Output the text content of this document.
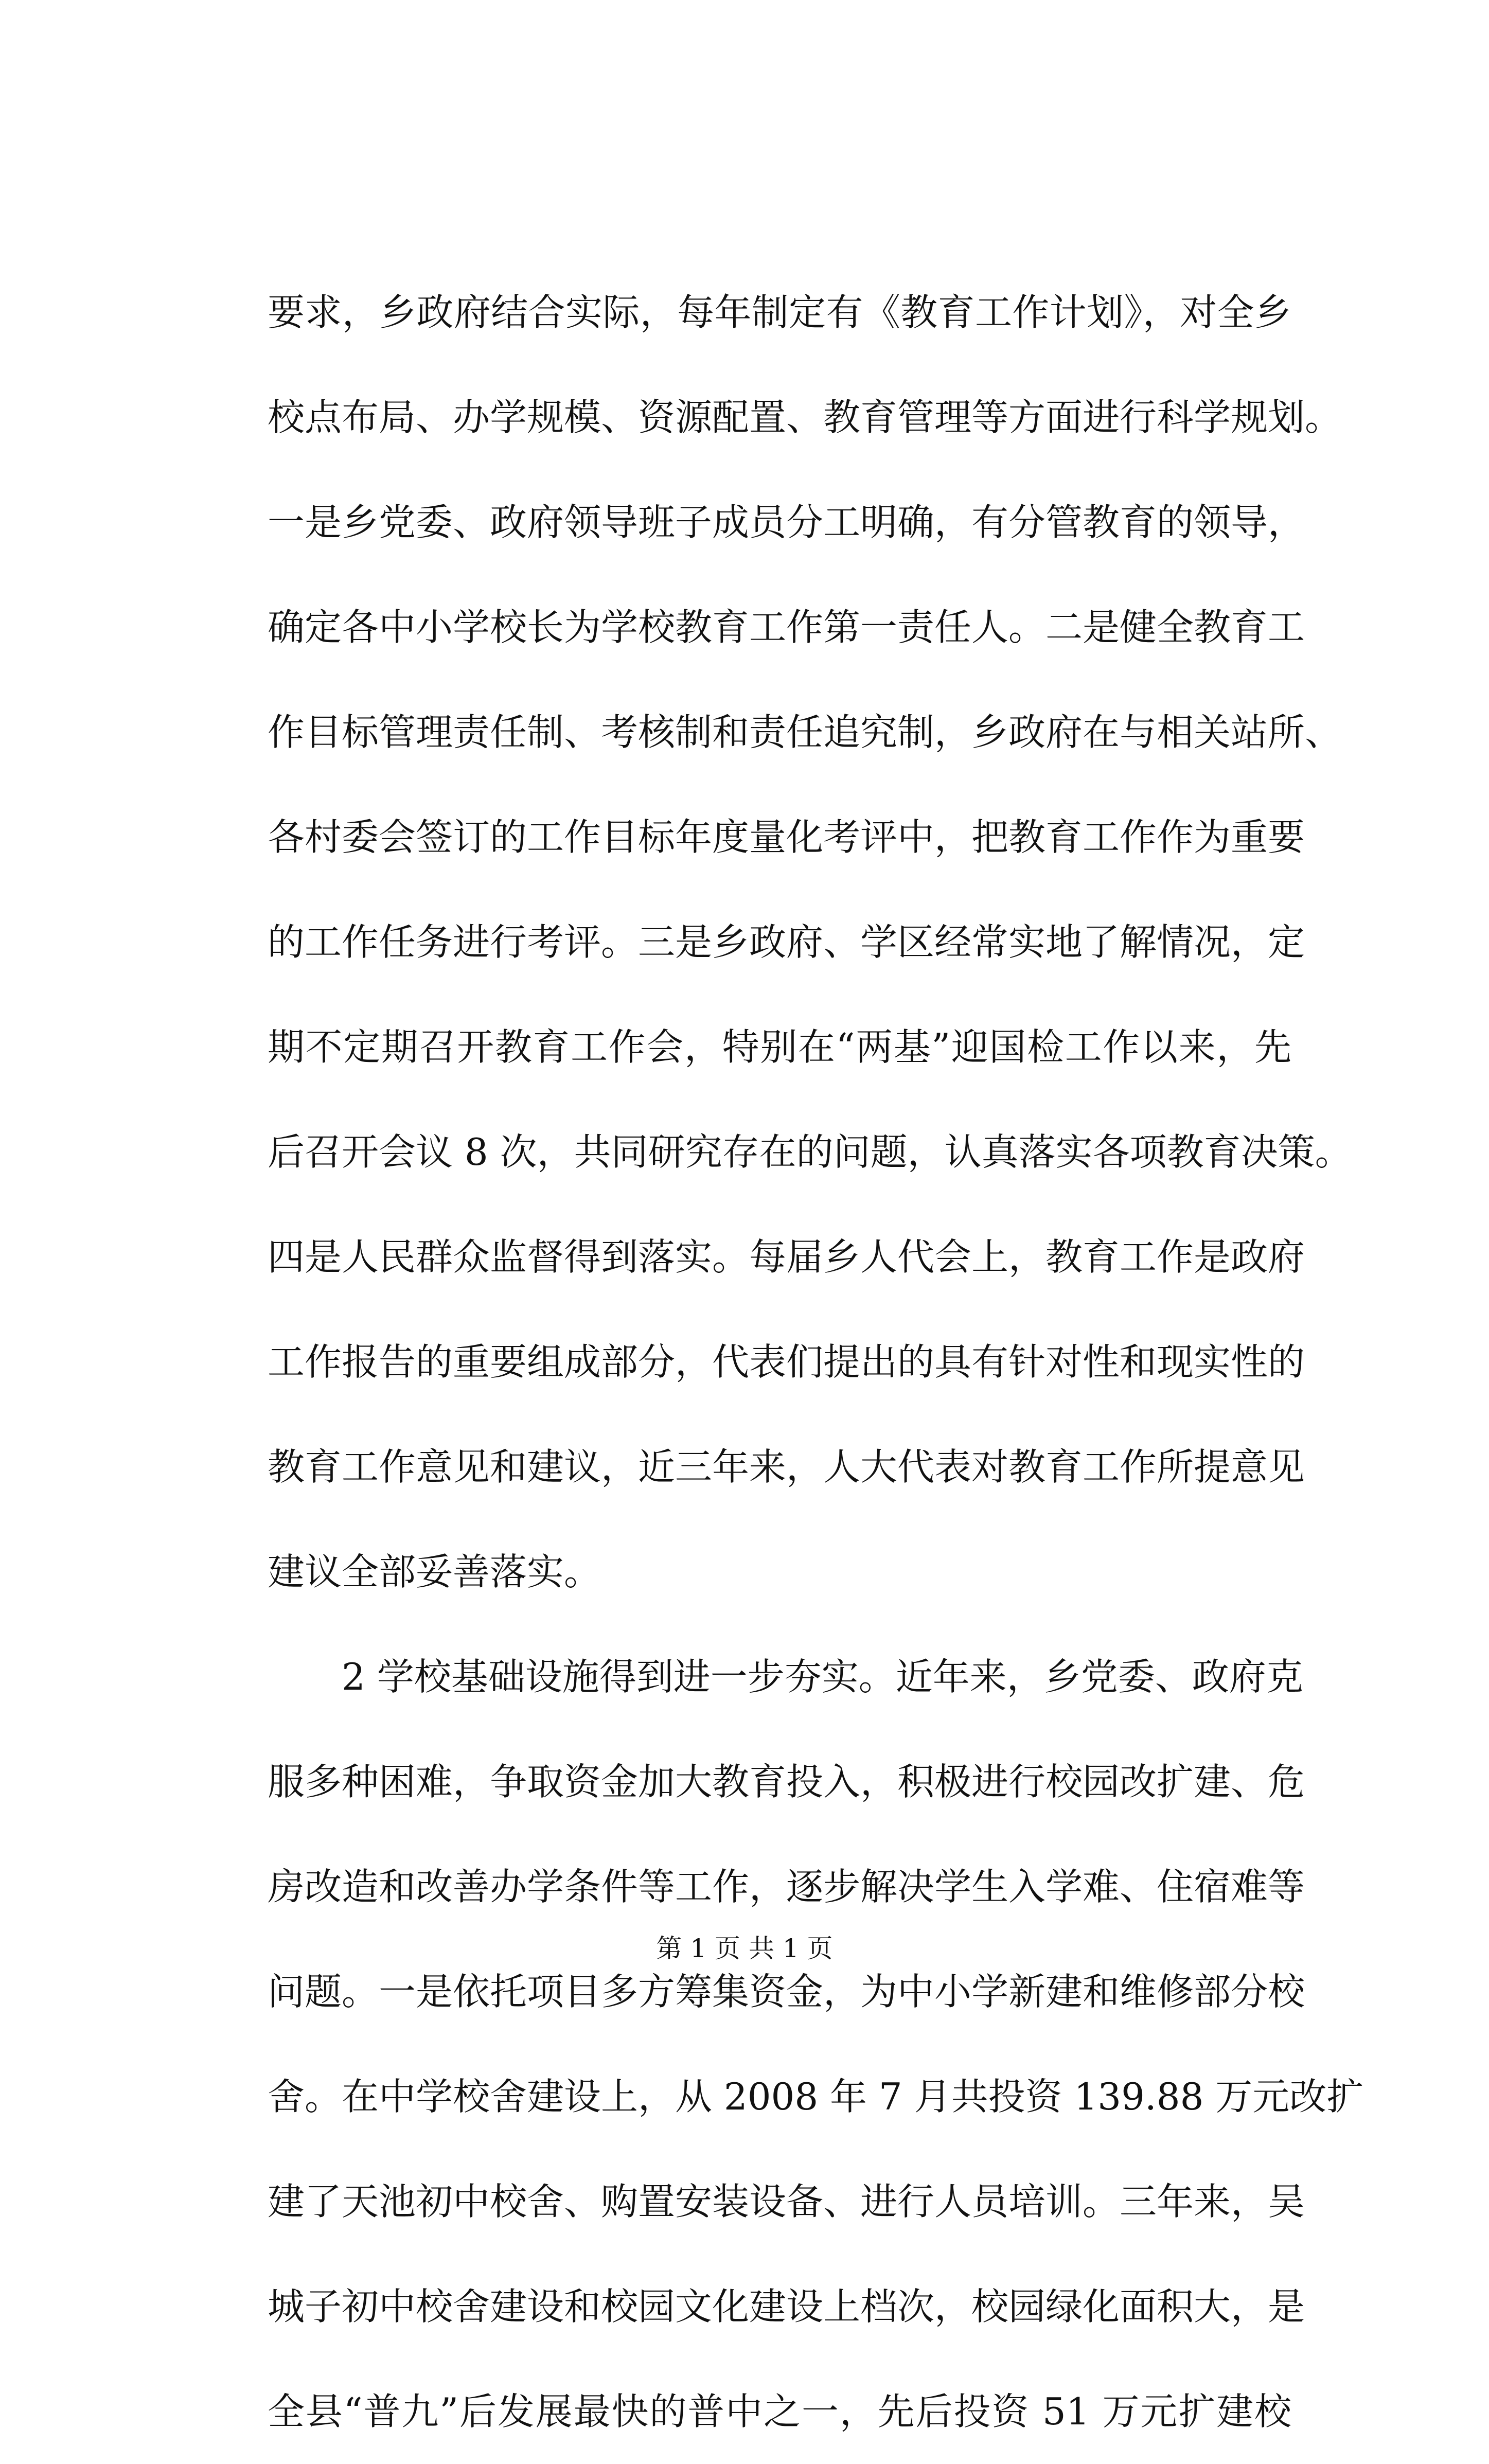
要求，乡政府结合实际，每年制定有《教育工作计划》，对全乡
校点布局、办学规模、资源配置、教育管理等方面进行科学规划。
一是乡党委、政府领导班子成员分工明确，有分管教育的领导，
确定各中小学校长为学校教育工作第一责任人。二是健全教育工
作目标管理责任制、考核制和责任追究制，乡政府在与相关站所、
各村委会签订的工作目标年度量化考评中，把教育工作作为重要
的工作任务进行考评。三是乡政府、学区经常实地了解情况，定
期不定期召开教育工作会，特别在“两基”迎国检工作以来，先
后召开会议 8 次，共同研究存在的问题，认真落实各项教育决策。
四是人民群众监督得到落实。每届乡人代会上，教育工作是政府
工作报告的重要组成部分，代表们提出的具有针对性和现实性的
教育工作意见和建议，近三年来，人大代表对教育工作所提意见
建议全部妥善落实。
2 学校基础设施得到进一步夯实。近年来，乡党委、政府克
服多种困难，争取资金加大教育投入，积极进行校园改扩建、危
房改造和改善办学条件等工作，逐步解决学生入学难、住宿难等
问题。一是依托项目多方筹集资金，为中小学新建和维修部分校
舍。在中学校舍建设上，从 2008 年 7 月共投资 139.88 万元改扩
建了天池初中校舍、购置安装设备、进行人员培训。三年来，吴
城子初中校舍建设和校园文化建设上档次，校园绿化面积大，是
全县“普九”后发展最快的普中之一，先后投资 51 万元扩建校
第 1 页 共 1 页
